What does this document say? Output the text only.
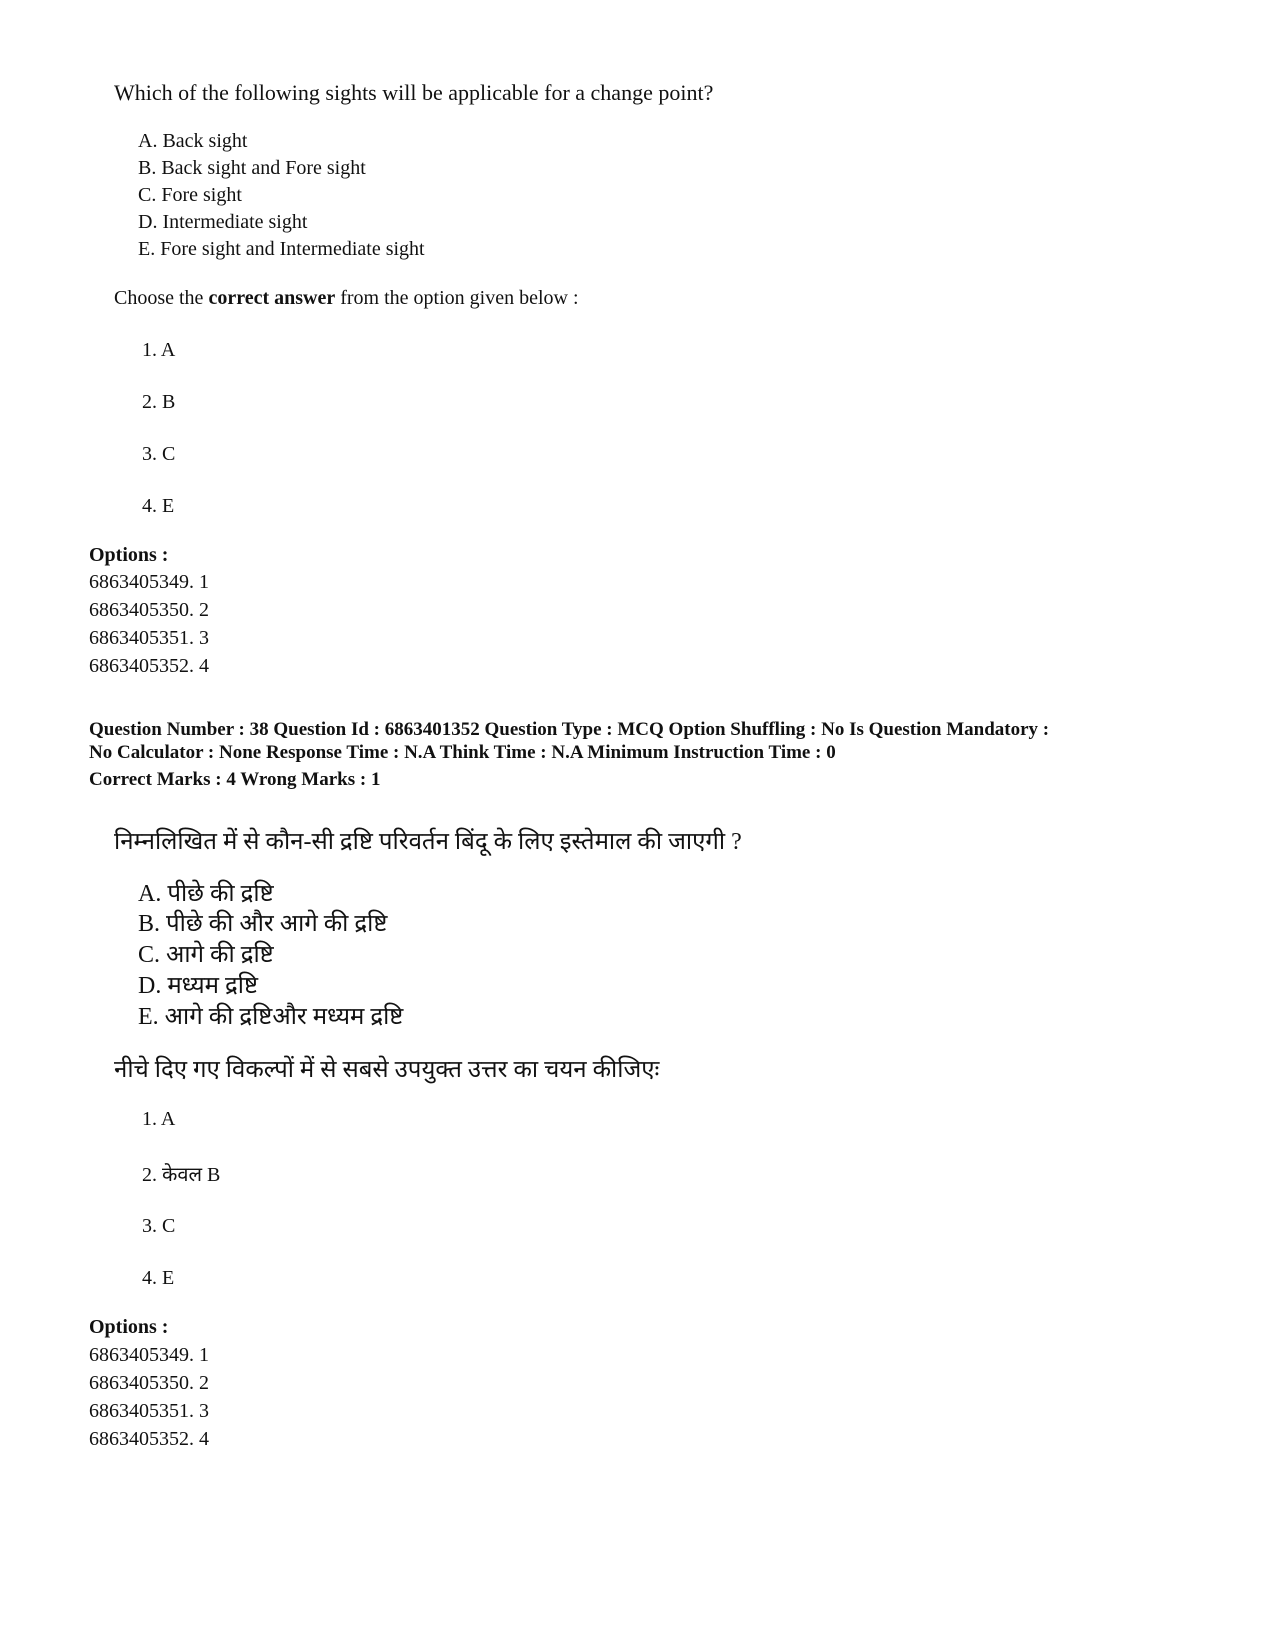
Which of the following sights will be applicable for a change point?
A. Back sight
B. Back sight and Fore sight
C. Fore sight
D. Intermediate sight
E. Fore sight and Intermediate sight
Choose the correct answer from the option given below :
1. A
2. B
3. C
4. E
Options :
6863405349. 1
6863405350. 2
6863405351. 3
6863405352. 4
Question Number : 38 Question Id : 6863401352 Question Type : MCQ Option Shuffling : No Is Question Mandatory :
No Calculator : None Response Time : N.A Think Time : N.A Minimum Instruction Time : 0
Correct Marks : 4 Wrong Marks : 1
निम्नलिखित में से कौन-सी द्रष्टि परिवर्तन बिंदू के लिए इस्तेमाल की जाएगी ?
A. पीछे की द्रष्टि
B. पीछे की और आगे की द्रष्टि
C. आगे की द्रष्टि
D. मध्यम द्रष्टि
E. आगे की द्रष्टिऔर मध्यम द्रष्टि
नीचे दिए गए विकल्पों में से सबसे उपयुक्त उत्तर का चयन कीजिएः
1. A
2. केवल B
3. C
4. E
Options :
6863405349. 1
6863405350. 2
6863405351. 3
6863405352. 4
